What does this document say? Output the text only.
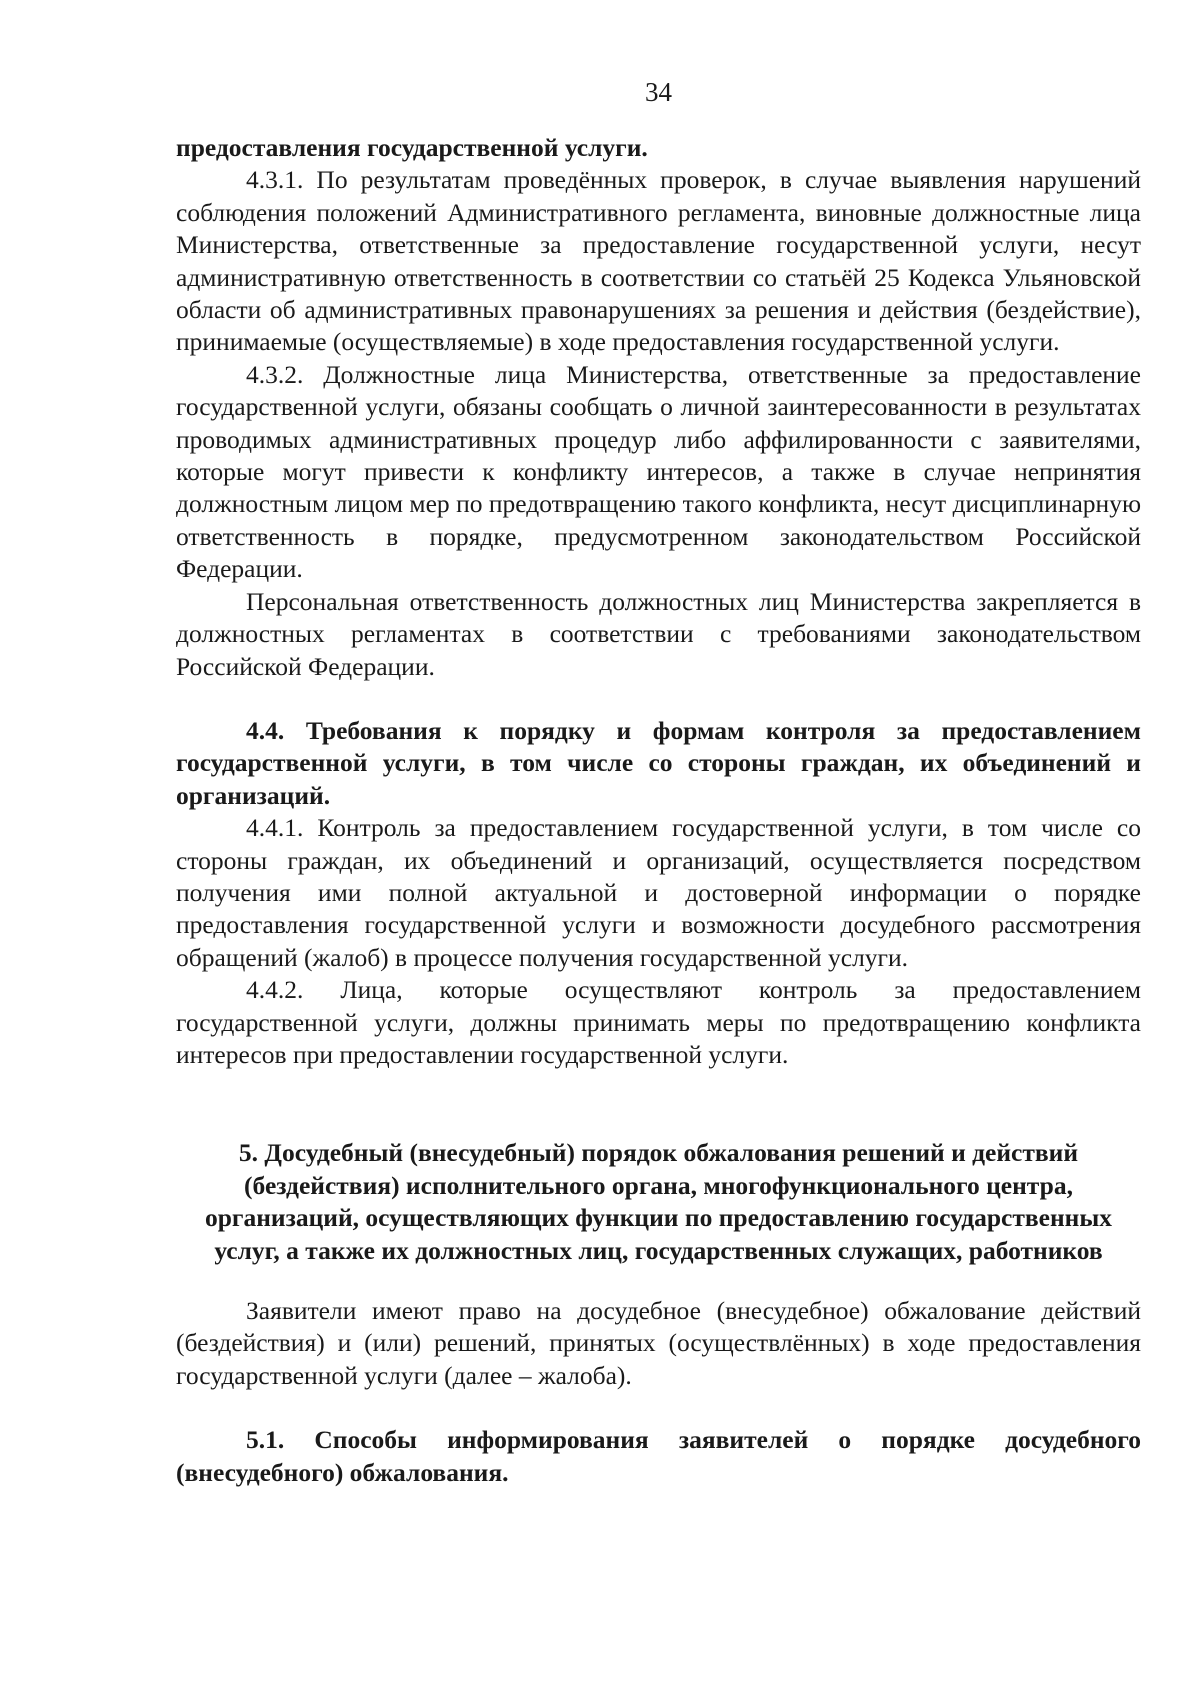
34

предоставления государственной услуги.

4.3.1. По результатам проведённых проверок, в случае выявления нарушений соблюдения положений Административного регламента, виновные должностные лица Министерства, ответственные за предоставление государственной услуги, несут административную ответственность в соответствии со статьёй 25 Кодекса Ульяновской области об административных правонарушениях за решения и действия (бездействие), принимаемые (осуществляемые) в ходе предоставления государственной услуги.

4.3.2. Должностные лица Министерства, ответственные за предоставление государственной услуги, обязаны сообщать о личной заинтересованности в результатах проводимых административных процедур либо аффилированности с заявителями, которые могут привести к конфликту интересов, а также в случае непринятия должностным лицом мер по предотвращению такого конфликта, несут дисциплинарную ответственность в порядке, предусмотренном законодательством Российской Федерации.

Персональная ответственность должностных лиц Министерства закрепляется в должностных регламентах в соответствии с требованиями законодательством Российской Федерации.

4.4. Требования к порядку и формам контроля за предоставлением государственной услуги, в том числе со стороны граждан, их объединений и организаций.

4.4.1. Контроль за предоставлением государственной услуги, в том числе со стороны граждан, их объединений и организаций, осуществляется посредством получения ими полной актуальной и достоверной информации о порядке предоставления государственной услуги и возможности досудебного рассмотрения обращений (жалоб) в процессе получения государственной услуги.

4.4.2. Лица, которые осуществляют контроль за предоставлением государственной услуги, должны принимать меры по предотвращению конфликта интересов при предоставлении государственной услуги.

5. Досудебный (внесудебный) порядок обжалования решений и действий (бездействия) исполнительного органа, многофункционального центра, организаций, осуществляющих функции по предоставлению государственных услуг, а также их должностных лиц, государственных служащих, работников

Заявители имеют право на досудебное (внесудебное) обжалование действий (бездействия) и (или) решений, принятых (осуществлённых) в ходе предоставления государственной услуги (далее – жалоба).

5.1. Способы информирования заявителей о порядке досудебного (внесудебного) обжалования.
